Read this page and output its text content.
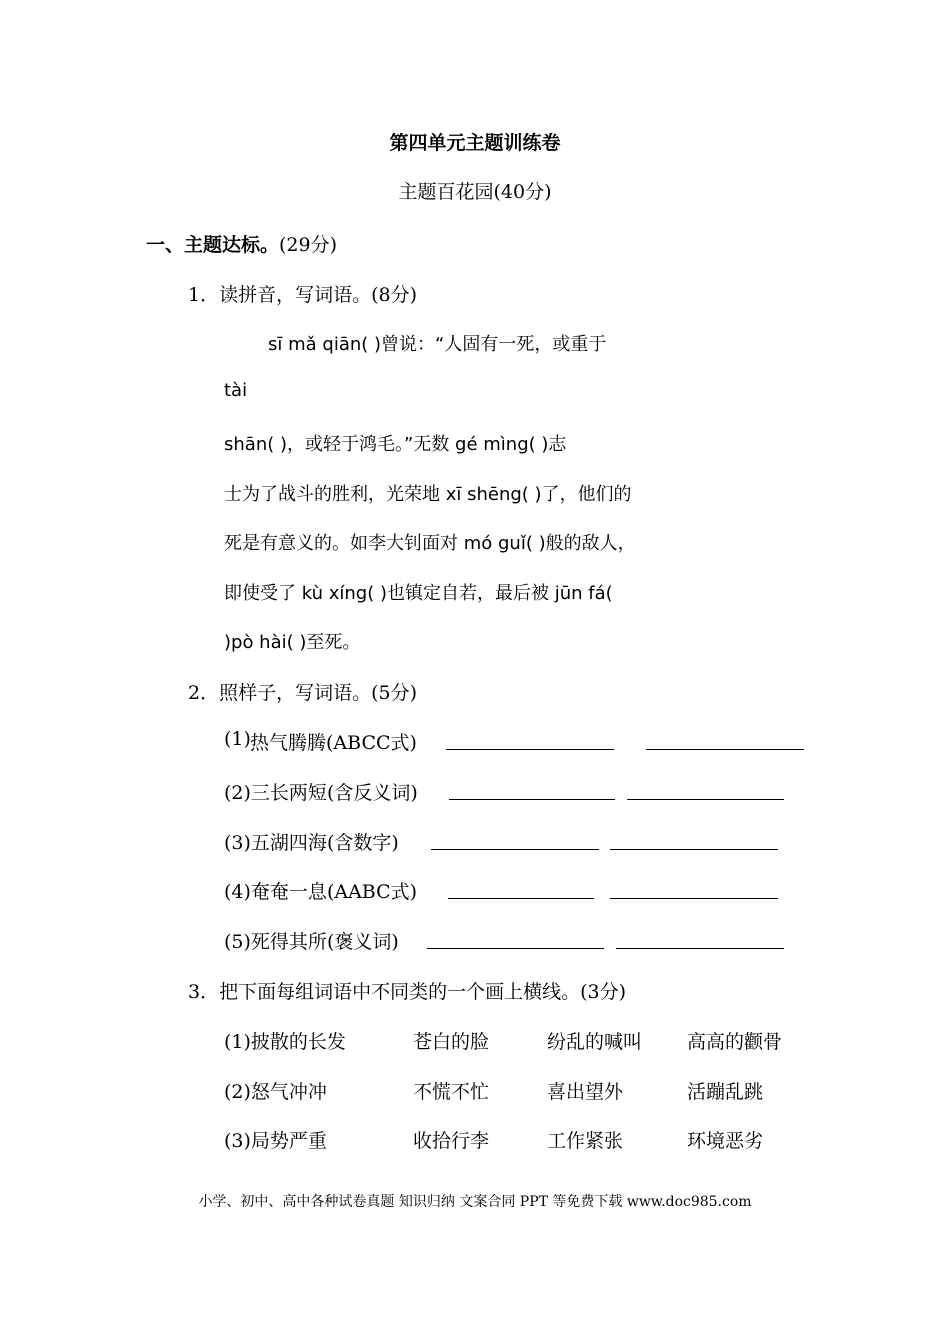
第四单元主题训练卷
主题百花园(40分)
一、主题达标。(29分)
1．读拼音，写词语。(8分)
sī mǎ qiān( )曾说：“人固有一死，或重于
tài
shān( )，或轻于鸿毛。”无数 gé mìng( )志
士为了战斗的胜利，光荣地 xī shēng( )了，他们的
死是有意义的。如李大钊面对 mó guǐ( )般的敌人，
即使受了 kù xíng( )也镇定自若，最后被 jūn fá(
)pò hài( )至死。
2．照样子，写词语。(5分)
(1) 热气腾腾(ABCC式)
(2)三长两短(含反义词)
(3)五湖四海(含数字)
(4)奄奄一息(AABC式)
(5)死得其所(褒义词)
3．把下面每组词语中不同类的一个画上横线。(3分)
(1)披散的长发	苍白的脸	纷乱的喊叫 高高的颧骨
(2)怒气冲冲	不慌不忙	喜出望外	活蹦乱跳
(3)局势严重	收拾行李	工作紧张	环境恶劣
小学、初中、高中各种试卷真题 知识归纳 文案合同 PPT 等免费下载 www.doc985.com
